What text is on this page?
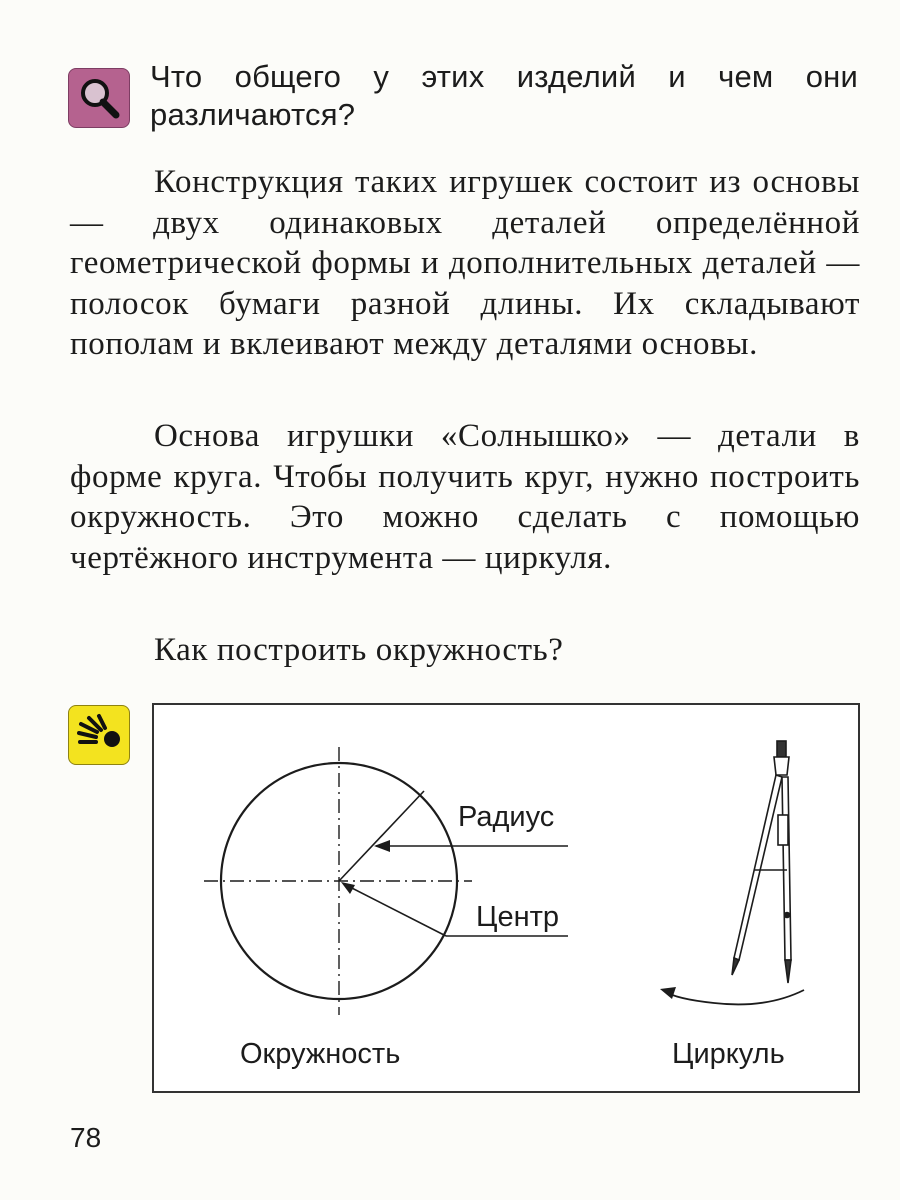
Что общего у этих изделий и чем они различаются?
Конструкция таких игрушек состоит из основы — двух одинаковых деталей определённой геометрической формы и дополнительных деталей — полосок бумаги разной длины. Их складывают пополам и вклеивают между деталями основы.
Основа игрушки «Солнышко» — детали в форме круга. Чтобы получить круг, нужно построить окружность. Это можно сделать с помощью чертёжного инструмента — циркуля.
Как построить окружность?
Радиус
Центр
Окружность	Циркуль
78
